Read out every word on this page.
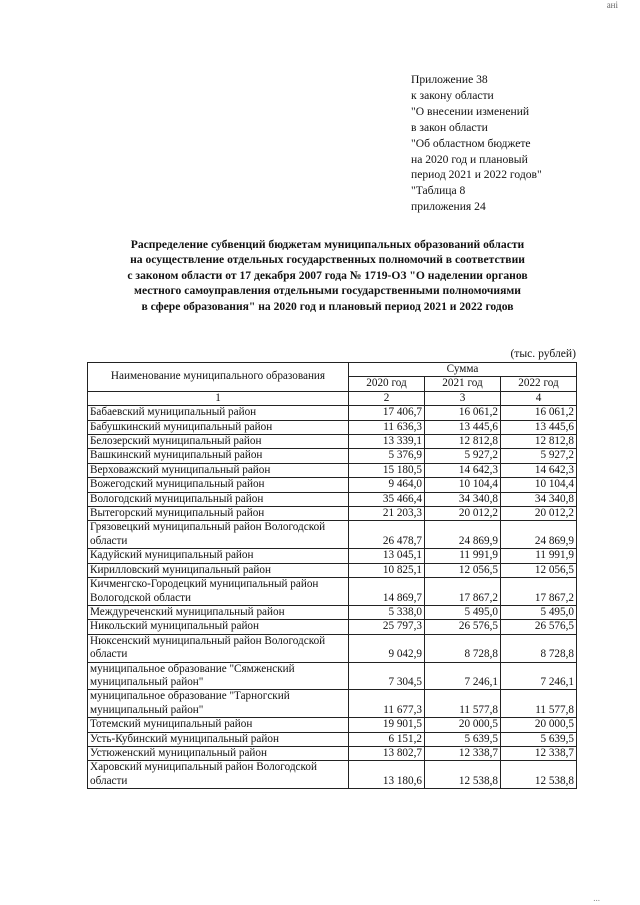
ані
Приложение 38
к закону области
"О внесении изменений
в закон области
"Об областном бюджете
на 2020 год и плановый
период 2021 и 2022 годов"
"Таблица 8
приложения 24
Распределение субвенций бюджетам муниципальных образований области
на осуществление отдельных государственных полномочий в соответствии
с законом области от 17 декабря 2007 года № 1719-ОЗ "О наделении органов
местного самоуправления отдельными государственными полномочиями
в сфере образования" на 2020 год и плановый период 2021 и 2022 годов
(тыс. рублей)
Наименование муниципального образования	Сумма		
	2020 год	2021 год	2022 год
1	2	3	4
Бабаевский муниципальный район	17 406,7	16 061,2	16 061,2
Бабушкинский муниципальный район	11 636,3	13 445,6	13 445,6
Белозерский муниципальный район	13 339,1	12 812,8	12 812,8
Вашкинский муниципальный район	5 376,9	5 927,2	5 927,2
Верховажский муниципальный район	15 180,5	14 642,3	14 642,3
Вожегодский муниципальный район	9 464,0	10 104,4	10 104,4
Вологодский муниципальный район	35 466,4	34 340,8	34 340,8
Вытегорский муниципальный район	21 203,3	20 012,2	20 012,2
Грязовецкий муниципальный район Вологодской области	26 478,7	24 869,9	24 869,9
Кадуйский муниципальный район	13 045,1	11 991,9	11 991,9
Кирилловский муниципальный район	10 825,1	12 056,5	12 056,5
Кичменгско-Городецкий муниципальный район Вологодской области	14 869,7	17 867,2	17 867,2
Междуреченский муниципальный район	5 338,0	5 495,0	5 495,0
Никольский муниципальный район	25 797,3	26 576,5	26 576,5
Нюксенский муниципальный район Вологодской области	9 042,9	8 728,8	8 728,8
муниципальное образование "Сямженский муниципальный район"	7 304,5	7 246,1	7 246,1
муниципальное образование "Тарногский муниципальный район"	11 677,3	11 577,8	11 577,8
Тотемский муниципальный район	19 901,5	20 000,5	20 000,5
Усть-Кубинский муниципальный район	6 151,2	5 639,5	5 639,5
Устюженский муниципальный район	13 802,7	12 338,7	12 338,7
Харовский муниципальный район Вологодской области	13 180,6	12 538,8	12 538,8
...
